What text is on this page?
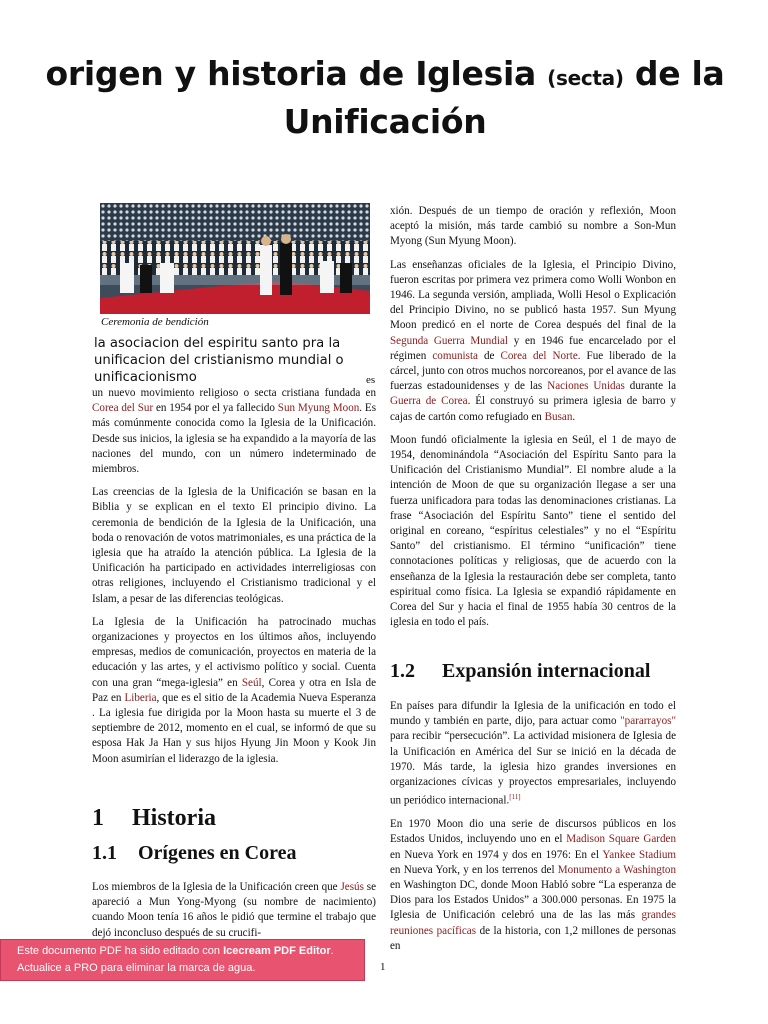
origen y historia de Iglesia (secta) de la
Unificación
Ceremonia de bendición
la asociacion del espiritu santo pra la unificacion del cristianismo mundial o unificacionismo	es

un nuevo movimiento religioso o secta cristiana fundada en Corea del Sur en 1954 por el ya fallecido Sun Myung Moon. Es más comúnmente conocida como la Iglesia de la Unificación. Desde sus inicios, la iglesia se ha expandido a la mayoría de las naciones del mundo, con un número indeterminado de miembros.

Las creencias de la Iglesia de la Unificación se basan en la Biblia y se explican en el texto El principio divino. La ceremonia de bendición de la Iglesia de la Unificación, una boda o renovación de votos matrimoniales, es una práctica de la iglesia que ha atraído la atención pública. La Iglesia de la Unificación ha participado en actividades interreligiosas con otras religiones, incluyendo el Cristianismo tradicional y el Islam, a pesar de las diferencias teológicas.

La Iglesia de la Unificación ha patrocinado muchas organizaciones y proyectos en los últimos años, incluyendo empresas, medios de comunicación, proyectos en materia de la educación y las artes, y el activismo político y social. Cuenta con una gran “mega-iglesia” en Seúl, Corea y otra en Isla de Paz en Liberia, que es el sitio de la Academia Nueva Esperanza . La iglesia fue dirigida por la Moon hasta su muerte el 3 de septiembre de 2012, momento en el cual, se informó de que su esposa Hak Ja Han y sus hijos Hyung Jin Moon y Kook Jin Moon asumirían el liderazgo de la iglesia.

1 Historia
1.1 Orígenes en Corea

Los miembros de la Iglesia de la Unificación creen que Jesús se apareció a Mun Yong-Myong (su nombre de nacimiento) cuando Moon tenía 16 años le pidió que termine el trabajo que dejó inconcluso después de su crucifi-

xión. Después de un tiempo de oración y reflexión, Moon aceptó la misión, más tarde cambió su nombre a Son-Mun Myong (Sun Myung Moon).

Las enseñanzas oficiales de la Iglesia, el Principio Divino, fueron escritas por primera vez primera como Wolli Wonbon en 1946. La segunda versión, ampliada, Wolli Hesol o Explicación del Principio Divino, no se publicó hasta 1957. Sun Myung Moon predicó en el norte de Corea después del final de la Segunda Guerra Mundial y en 1946 fue encarcelado por el régimen comunista de Corea del Norte. Fue liberado de la cárcel, junto con otros muchos norcoreanos, por el avance de las fuerzas estadounidenses y de las Naciones Unidas durante la Guerra de Corea. Él construyó su primera iglesia de barro y cajas de cartón como refugiado en Busan.

Moon fundó oficialmente la iglesia en Seúl, el 1 de mayo de 1954, denominándola “Asociación del Espíritu Santo para la Unificación del Cristianismo Mundial”. El nombre alude a la intención de Moon de que su organización llegase a ser una fuerza unificadora para todas las denominaciones cristianas. La frase “Asociación del Espíritu Santo” tiene el sentido del original en coreano, “espíritus celestiales” y no el “Espíritu Santo” del cristianismo. El término “unificación” tiene connotaciones políticas y religiosas, que de acuerdo con la enseñanza de la Iglesia la restauración debe ser completa, tanto espiritual como física. La Iglesia se expandió rápidamente en Corea del Sur y hacia el final de 1955 había 30 centros de la iglesia en todo el país.

1.2 Expansión internacional

En países para difundir la Iglesia de la unificación en todo el mundo y también en parte, dijo, para actuar como "pararrayos" para recibir “persecución”. La actividad misionera de Iglesia de la Unificación en América del Sur se inició en la década de 1970. Más tarde, la iglesia hizo grandes inversiones en organizaciones cívicas y proyectos empresariales, incluyendo un periódico internacional.[11]

En 1970 Moon dio una serie de discursos públicos en los Estados Unidos, incluyendo uno en el Madison Square Garden en Nueva York en 1974 y dos en 1976: En el Yankee Stadium en Nueva York, y en los terrenos del Monumento a Washington en Washington DC, donde Moon Habló sobre “La esperanza de Dios para los Estados Unidos” a 300.000 personas. En 1975 la Iglesia de Unificación celebró una de las las más grandes reuniones pacíficas de la historia, con 1,2 millones de personas en

Este documento PDF ha sido editado con Icecream PDF Editor.
Actualice a PRO para eliminar la marca de agua.	1
